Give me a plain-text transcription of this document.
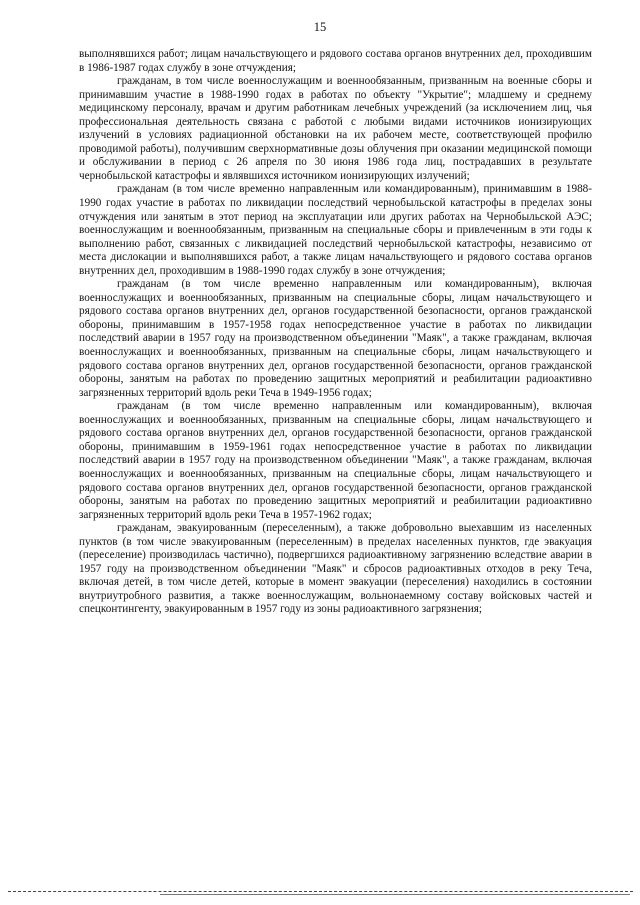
15

выполнявшихся работ; лицам начальствующего и рядового состава органов внутренних дел, проходившим в 1986-1987 годах службу в зоне отчуждения;

гражданам, в том числе военнослужащим и военнообязанным, призванным на военные сборы и принимавшим участие в 1988-1990 годах в работах по объекту "Укрытие"; младшему и среднему медицинскому персоналу, врачам и другим работникам лечебных учреждений (за исключением лиц, чья профессиональная деятельность связана с работой с любыми видами источников ионизирующих излучений в условиях радиационной обстановки на их рабочем месте, соответствующей профилю проводимой работы), получившим сверхнормативные дозы облучения при оказании медицинской помощи и обслуживании в период с 26 апреля по 30 июня 1986 года лиц, пострадавших в результате чернобыльской катастрофы и являвшихся источником ионизирующих излучений;

гражданам (в том числе временно направленным или командированным), принимавшим в 1988-1990 годах участие в работах по ликвидации последствий чернобыльской катастрофы в пределах зоны отчуждения или занятым в этот период на эксплуатации или других работах на Чернобыльской АЭС; военнослужащим и военнообязанным, призванным на специальные сборы и привлеченным в эти годы к выполнению работ, связанных с ликвидацией последствий чернобыльской катастрофы, независимо от места дислокации и выполнявшихся работ, а также лицам начальствующего и рядового состава органов внутренних дел, проходившим в 1988-1990 годах службу в зоне отчуждения;

гражданам (в том числе временно направленным или командированным), включая военнослужащих и военнообязанных, призванным на специальные сборы, лицам начальствующего и рядового состава органов внутренних дел, органов государственной безопасности, органов гражданской обороны, принимавшим в 1957-1958 годах непосредственное участие в работах по ликвидации последствий аварии в 1957 году на производственном объединении "Маяк", а также гражданам, включая военнослужащих и военнообязанных, призванным на специальные сборы, лицам начальствующего и рядового состава органов внутренних дел, органов государственной безопасности, органов гражданской обороны, занятым на работах по проведению защитных мероприятий и реабилитации радиоактивно загрязненных территорий вдоль реки Теча в 1949-1956 годах;

гражданам (в том числе временно направленным или командированным), включая военнослужащих и военнообязанных, призванным на специальные сборы, лицам начальствующего и рядового состава органов внутренних дел, органов государственной безопасности, органов гражданской обороны, принимавшим в 1959-1961 годах непосредственное участие в работах по ликвидации последствий аварии в 1957 году на производственном объединении "Маяк", а также гражданам, включая военнослужащих и военнообязанных, призванным на специальные сборы, лицам начальствующего и рядового состава органов внутренних дел, органов государственной безопасности, органов гражданской обороны, занятым на работах по проведению защитных мероприятий и реабилитации радиоактивно загрязненных территорий вдоль реки Теча в 1957-1962 годах;

гражданам, эвакуированным (переселенным), а также добровольно выехавшим из населенных пунктов (в том числе эвакуированным (переселенным) в пределах населенных пунктов, где эвакуация (переселение) производилась частично), подвергшихся радиоактивному загрязнению вследствие аварии в 1957 году на производственном объединении "Маяк" и сбросов радиоактивных отходов в реку Теча, включая детей, в том числе детей, которые в момент эвакуации (переселения) находились в состоянии внутриутробного развития, а также военнослужащим, вольнонаемному составу войсковых частей и спецконтингенту, эвакуированным в 1957 году из зоны радиоактивного загрязнения;
